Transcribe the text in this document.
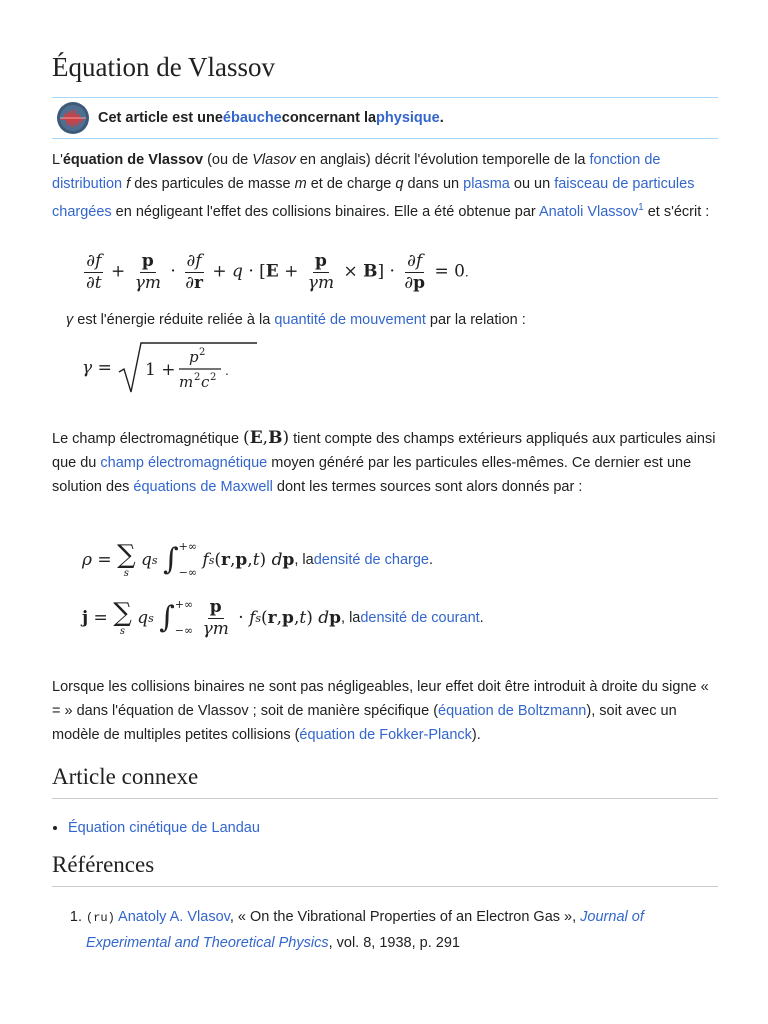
Équation de Vlassov
Cet article est une ébauche concernant la physique .

L'équation de Vlassov (ou de Vlasov en anglais) décrit l'évolution temporelle de la fonction de distribution f des particules de masse m et de charge q dans un plasma ou un faisceau de particules chargées en négligeant l'effet des collisions binaires. Elle a été obtenue par Anatoli Vlassov$^1$ et s'écrit :

$\frac{\partial f}{\partial t} + \frac{p}{\gamma m} \cdot \frac{\partial f}{\partial r} + q \cdot [E + \frac{p}{\gamma m} \times B] \cdot \frac{\partial f}{\partial p} = 0$.

γ est l'énergie réduite reliée à la quantité de mouvement par la relation :

γ = 1 +
p 2
m 2 c 2 .

Le champ électromagnétique (E,B) tient compte des champs extérieurs appliqués aux particules ainsi que du champ électromagnétique moyen généré par les particules elles-mêmes. Ce dernier est une solution des équations de Maxwell dont les termes sources sont alors donnés par :

ρ = ∑
s

q s
∫ +∞
−∞

f s ( r , p , t ) d p , la densité de charge .
j = ∑
s

q s
∫ +∞
−∞
$\frac{p}{\gamma m} \cdot f$ s ( r , p , t ) d p , la densité de courant .

Lorsque les collisions binaires ne sont pas négligeables, leur effet doit être introduit à droite du signe « = » dans l'équation de Vlassov ; soit de manière spécifique (équation de Boltzmann), soit avec un modèle de multiples petites collisions (équation de Fokker-Planck).

Article connexe
• Équation cinétique de Landau
Références
1. (ru) Anatoly A. Vlasov, « On the Vibrational Properties of an Electron Gas », Journal of Experimental and Theoretical Physics, vol. 8, 1938, p. 291
